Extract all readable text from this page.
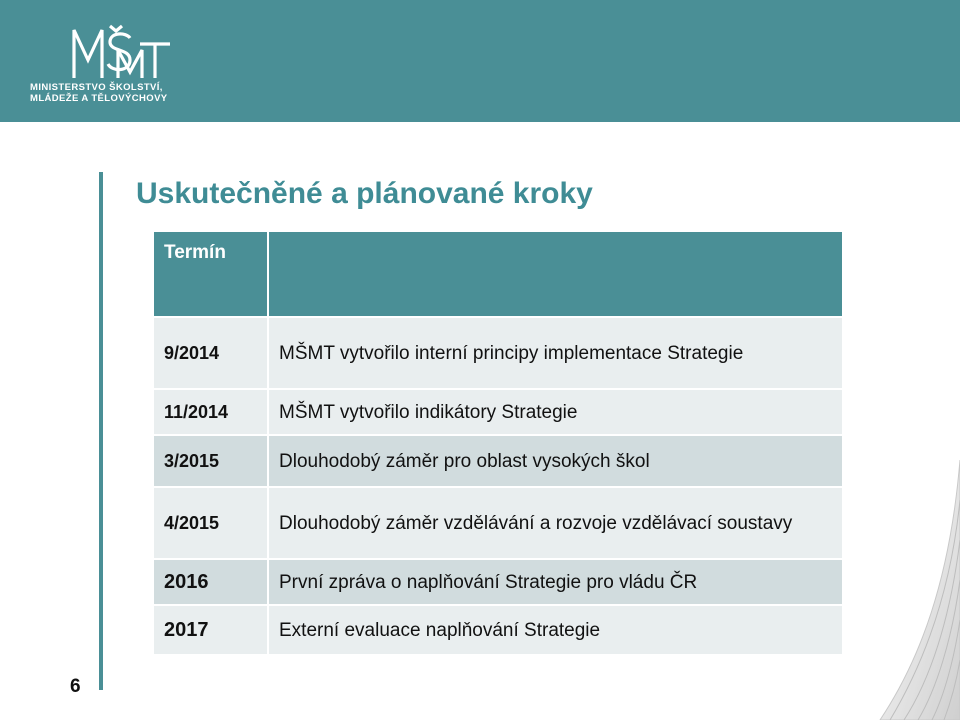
MINISTERSTVO ŠKOLSTVÍ,
MLÁDEŽE A TĚLOVÝCHOVY
Uskutečněné a plánované kroky
Termín	
9/2014	MŠMT vytvořilo interní principy implementace Strategie
11/2014	MŠMT vytvořilo indikátory Strategie
3/2015	Dlouhodobý záměr pro oblast vysokých škol
4/2015	Dlouhodobý záměr vzdělávání a rozvoje vzdělávací soustavy
2016	První zpráva o naplňování Strategie pro vládu ČR
2017	Externí evaluace naplňování Strategie
6
